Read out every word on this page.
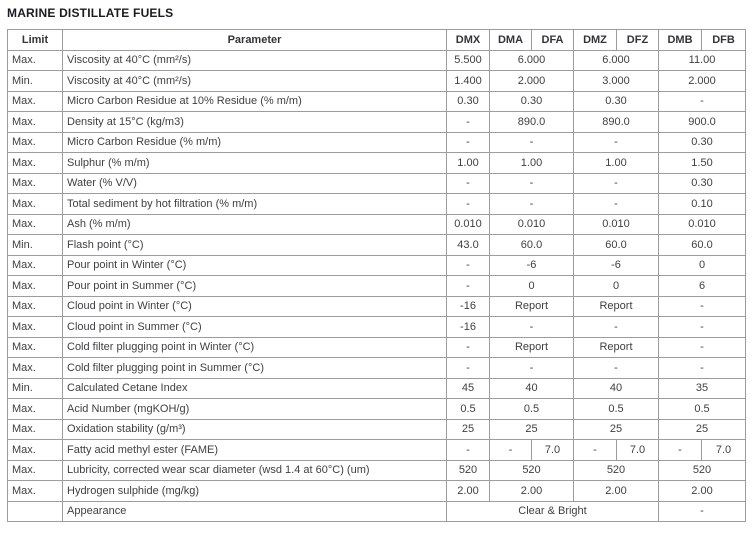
MARINE DISTILLATE FUELS
Limit	Parameter	DMX	DMA	DFA	DMZ	DFZ	DMB	DFB
Max.	Viscosity at 40°C (mm²/s)	5.500	6.000		6.000		11.00	
Min.	Viscosity at 40°C (mm²/s)	1.400	2.000		3.000		2.000	
Max.	Micro Carbon Residue at 10% Residue (% m/m)	0.30	0.30		0.30		-	
Max.	Density at 15°C (kg/m3)	-	890.0		890.0		900.0	
Max.	Micro Carbon Residue (% m/m)	-	-		-		0.30	
Max.	Sulphur (% m/m)	1.00	1.00		1.00		1.50	
Max.	Water (% V/V)	-	-		-		0.30	
Max.	Total sediment by hot filtration (% m/m)	-	-		-		0.10	
Max.	Ash (% m/m)	0.010	0.010		0.010		0.010	
Min.	Flash point (°C)	43.0	60.0		60.0		60.0	
Max.	Pour point in Winter (°C)	-	-6		-6		0	
Max.	Pour point in Summer (°C)	-	0		0		6	
Max.	Cloud point in Winter (°C)	-16	Report		Report		-	
Max.	Cloud point in Summer (°C)	-16	-		-		-	
Max.	Cold filter plugging point in Winter (°C)	-	Report		Report		-	
Max.	Cold filter plugging point in Summer (°C)	-	-		-		-	
Min.	Calculated Cetane Index	45	40		40		35	
Max.	Acid Number (mgKOH/g)	0.5	0.5		0.5		0.5	
Max.	Oxidation stability (g/m³)	25	25		25		25	
Max.	Fatty acid methyl ester (FAME)	-	-	7.0	-	7.0	-	7.0
Max.	Lubricity, corrected wear scar diameter (wsd 1.4 at 60°C) (um)	520	520		520		520	
Max.	Hydrogen sulphide (mg/kg)	2.00	2.00		2.00		2.00	
	Appearance	Clear & Bright					-	
